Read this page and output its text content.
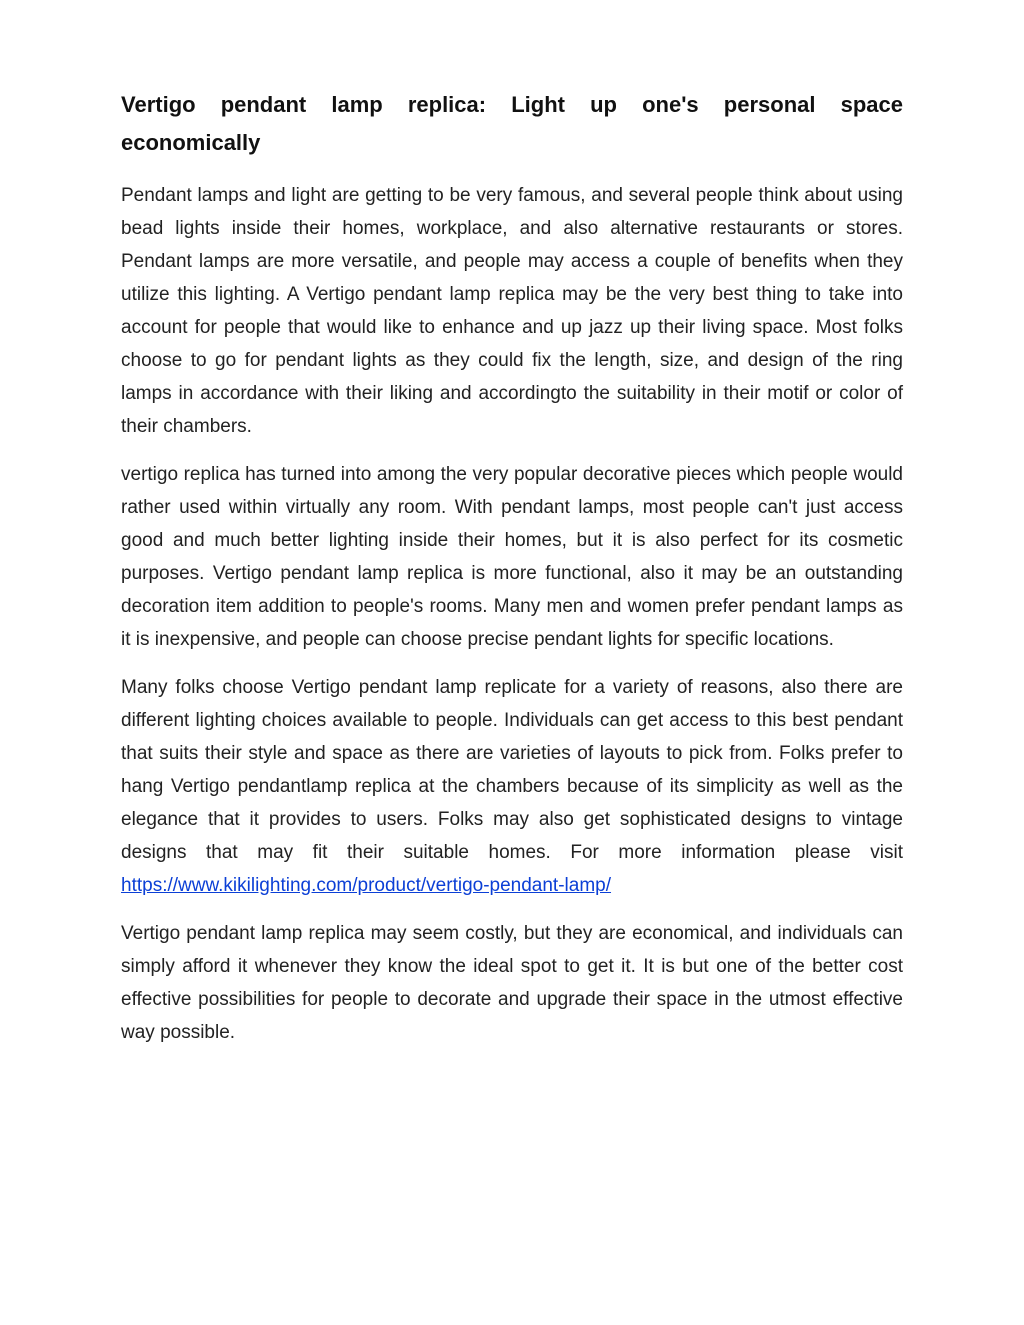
Vertigo pendant lamp replica: Light up one's personal space economically

Pendant lamps and light are getting to be very famous, and several people think about using bead lights inside their homes, workplace, and also alternative restaurants or stores. Pendant lamps are more versatile, and people may access a couple of benefits when they utilize this lighting. A Vertigo pendant lamp replica may be the very best thing to take into account for people that would like to enhance and up jazz up their living space. Most folks choose to go for pendant lights as they could fix the length, size, and design of the ring lamps in accordance with their liking and accordingto the suitability in their motif or color of their chambers.

vertigo replica has turned into among the very popular decorative pieces which people would rather used within virtually any room. With pendant lamps, most people can't just access good and much better lighting inside their homes, but it is also perfect for its cosmetic purposes. Vertigo pendant lamp replica is more functional, also it may be an outstanding decoration item addition to people's rooms. Many men and women prefer pendant lamps as it is inexpensive, and people can choose precise pendant lights for specific locations.

Many folks choose Vertigo pendant lamp replicate for a variety of reasons, also there are different lighting choices available to people. Individuals can get access to this best pendant that suits their style and space as there are varieties of layouts to pick from. Folks prefer to hang Vertigo pendantlamp replica at the chambers because of its simplicity as well as the elegance that it provides to users. Folks may also get sophisticated designs to vintage designs that may fit their suitable homes. For more information please visit https://www.kikilighting.com/product/vertigo-pendant-lamp/

Vertigo pendant lamp replica may seem costly, but they are economical, and individuals can simply afford it whenever they know the ideal spot to get it. It is but one of the better cost effective possibilities for people to decorate and upgrade their space in the utmost effective way possible.
